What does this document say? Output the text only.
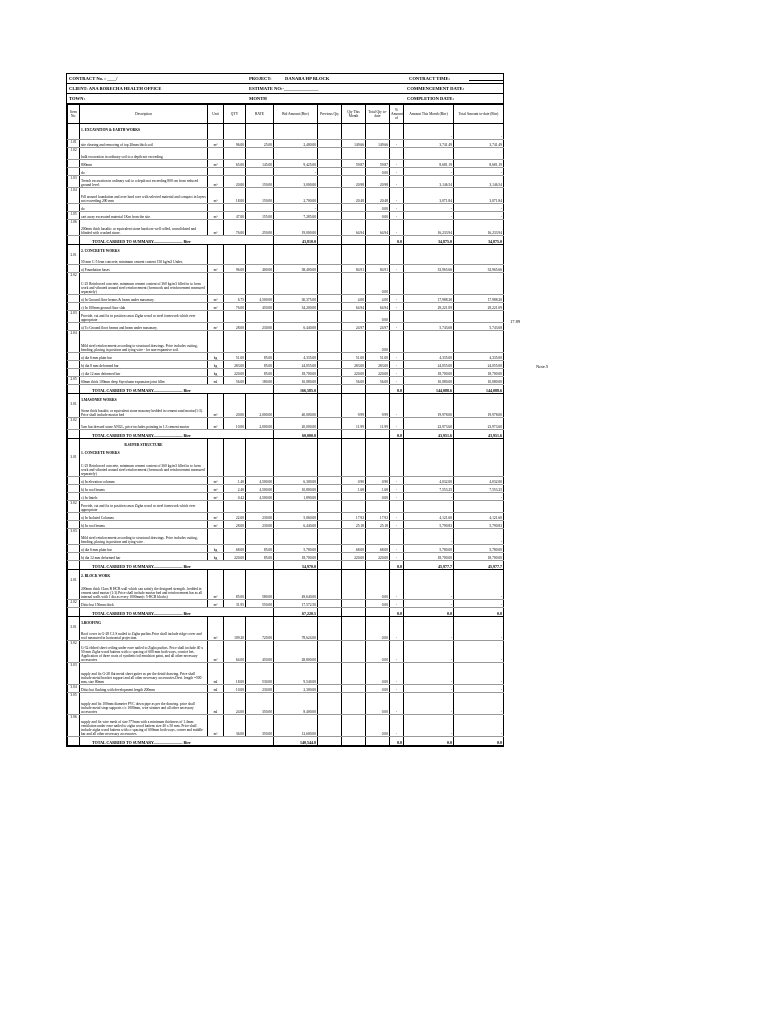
CONTRACT No. : ____/	PROJECT:	DANABA HP BLOCK	CONTRACT TIME:
CLIENT: ANA BORECHA HEALTH OFFICE	ESTIMATE NO:-_______________	COMMENCEMENT DATE:
TOWN:	MONTH	COMPLETION DATE:
Item No.	Description	Unit	QTY	RATE	Bid Amount (Birr)	Previous Qty	Qty This Month	Total Qty to-date	% Amount of	Amount This Month (Birr)	Total Amount to-date (Birr)
	1. EXCAVATION & EARTH WORKS										
										-	-
1.01	site clearing and removing of top 20mm thick soil	m²	96.00	25.00	2,400.00		149.66	149.66	-	3,741.49	3,741.49
1.02	bulk excavation in ordinary soil to a depth not exceeding										
	800mm	m³	65.00	145.00	9,425.00		59.87	59.87	-	8,681.19	8,681.19
	do				-			0.00	-	-	-
1.03	Trench excavation in ordinary soil to a depth not exceeding 800 cm from reduced ground level.	m³	20.00	150.00	3,000.00		20.98	20.98	-	3,146.54	3,146.54
1.04	Fill around foundation and over hard core with selected material and compact in layers not exceeding 200 mm	m³	18.00	150.00	2,700.00		20.48	20.48	-	3,071.84	3,071.84
	do				-			0.00	-	-	-
1.05	cart away excavated material 1Km from the site.	m³	47.00	155.00	7,285.00			0.00	-	-	-
1.06	200mm thick basaltic or equivalent stone hardcore well rolled, consolidated and blinded with crushed stone.	m²	76.00	250.00	19,000.00		64.94	64.94	-	16,233.94	16,233.94
	TOTAL CARRIED TO SUMMARY............................. Birr				43,810.0				0.0	34,875.0	34,875.0
	2. CONCRETE WORKS										
2.01	50 mm C-5 lean concrete, minimum cement content 150 kg/m3 Under,										
	a) Foundation bases	m²	96.00	400.00	38,400.00		84.91	84.91	-	33,965.66	33,965.66
2.02	C-25 Reinforced concrete, minimum cement content of 360 kg/m3 filled in to form work and vibrated around steel reinforcement (formwork and reinforcement measured separately)							0.00			
	a) In Ground floor beams & beam under masonary.	m³	6.75	4,500.00	30,375.00		4.00	4.00	-	17,988.20	17,988.20
	c) In 100mm ground floor slab	m²	76.00	450.00	34,200.00		64.94	64.94	-	29,221.09	29,221.09
2.03	Provide, cut and fix in position sawn Zigba wood or steel formwork which ever appropriate							0.00			
	a) To Ground floor beams and beam under masonary.	m²	28.00	230.00	6,440.00		24.97	24.97	-	5,743.68	5,743.68
2.04	Mild steel reinforcement according to structural drawings. Price includes cutting, bending, placing in position and tying wire - for non-expansive soil.							0.00			
	a) dia 6 mm plain bar	kg	51.00	85.00	4,335.00		51.00	51.00	-	4,335.00	4,335.00
	b) dia 8 mm deformed bar	kg	283.00	85.00	24,055.00		283.00	283.00	-	24,055.00	24,055.00
	c) dia 12 mm deformed bar	kg	220.00	85.00	18,700.00		220.00	220.00	-	18,700.00	18,700.00
2.05	60mm thick 100mm deep Styrofoam expansion joint filler.	ml	56.00	180.00	10,080.00		56.00	56.00	-	10,080.00	10,080.00
	TOTAL CARRIED TO SUMMARY............................. Birr				166,585.0				0.0	144,088.6	144,088.6
	3.MASONRY WORKS										
3.01	Stone thick basaltic or equivalent stone masonry bedded in cement sand mortar(1:3). Price shall include mortar bed	m³	20.00	2,000.00	40,000.00		9.99	9.99	-	19,978.00	19,978.00
3.02	5cm but dressed stone ANGL, price includes pointing in 1:3 cement mortar	m²	10.00	2,000.00	20,000.00		11.99	11.99	-	23,973.60	23,973.60
	TOTAL CARRIED TO SUMMARY............................. Birr				60,000.0				0.0	43,951.6	43,951.6
	B.SUPER STRUCTURE										
	1. CONCRETE WORKS										
3.01	C-25 Reinforced concrete, minimum cement content of 360 kg/m3 filled in to form work and vibrated around steel reinforcement (formwork and reinforcement measured separately)										
	a) In elevation columns	m³	1.40	4,500.00	6,300.00		0.90	0.90	-	4,032.00	4,032.00
	b) In roof beams	m³	2.40	4,500.00	10,800.00		1.68	1.68	-	7,553.25	7,553.25
	c) In lintels	m³	0.42	4,500.00	1,890.00			0.00	-	-	-
3.02	Provide, cut and fix in position sawn Zigba wood or steel formwork which ever appropriate										
	a) In Isolated Columns	m²	22.00	230.00	5,060.00		17.92	17.92	-	4,121.60	4,121.60
	b) In roof beams	m²	28.00	230.00	6,440.00		25.18	25.18	-	5,790.83	5,790.83
3.03	Mild steel reinforcement according to structural drawings. Price includes cutting, bending, placing in position and tying wire .									-	-
	a) dia 6 mm plain bar	kg	68.00	85.00	5,780.00		68.00	68.00	-	5,780.00	5,780.00
	b) dia 12 mm deformed bar	kg	220.00	85.00	18,700.00		220.00	220.00	-	18,700.00	18,700.00
	TOTAL CARRIED TO SUMMARY............................. Birr				54,970.0				0.0	45,977.7	45,977.7
	2. BLOCK WORK										
2.01	200mm thick Class B HCB wall which can satisfy the designed strength , bedded in cement sand mortar (1:3).Price shall include mortar bed and reinforcement bar as all internal walls with 1 dia as every 1000mm(c 5-HCB blocks)	m²	85.00	580.00	49,640.00			0.00	-	-	-
2.02	Ditto but 150mm thick	m²	31.95	550.00	17,572.50			0.00	-	-	-
	TOTAL CARRIED TO SUMMARY............................. Birr				67,220.5				0.0	0.0	0.0
	3.ROOFING										
3.01	Roof cover in G-28 C.I.S nailed to Zigba purlins.Price shall include ridge cover and roof measured in horizontal projection.	m²	109.20	720.00	78,624.00			0.00	-	-	-
3.02	G-32 ribbed sheet ceiling under eave nailed to Zigba purlins. Price shall include 40 x 50 mm Zigba wood battens with cc spacing of 600 mm both ways, cornice bet, Application of three coats of synthetic/oil emulsion paint, and all other necessary accessories	m²	64.00	450.00	28,800.00			0.00	-	-	-
3.03	supply and fix G-28 flat metal sheet gutter as per the detail drawing. Price shall include metal bracket support and all other necessary accessories.Devt. length =500 mm, size 80mm	ml	18.00	530.00	9,540.00			0.00	-	-	-
3.04	Ditto but flashing with development length 200mm	ml	10.00	230.00	2,300.00			0.00	-	-	-
3.05	supply and fix 100mm diameter PVC down pipe as per the drawing. price shall include metal strap supports c/c 1000mm, wire strainer and all other necessary accessories	ml	24.00	350.00	8,400.00			0.00	-	-	-
3.06	supply and fix wire mesh of size 5*5mm with a minimum thickness of 1.4mm ventilation under eave nailed to zigba wood battens size 40 x 50 mm. Price shall include zigba wood battens with cc spacing of 600mm both ways, corner and middle bar and all other necessary accessories.	m²	36.00	350.00	12,600.00			0.00	-	-	-
	TOTAL CARRIED TO SUMMARY............................. Birr				140,544.0				0.0	0.0	0.0
17.89
Note.5
